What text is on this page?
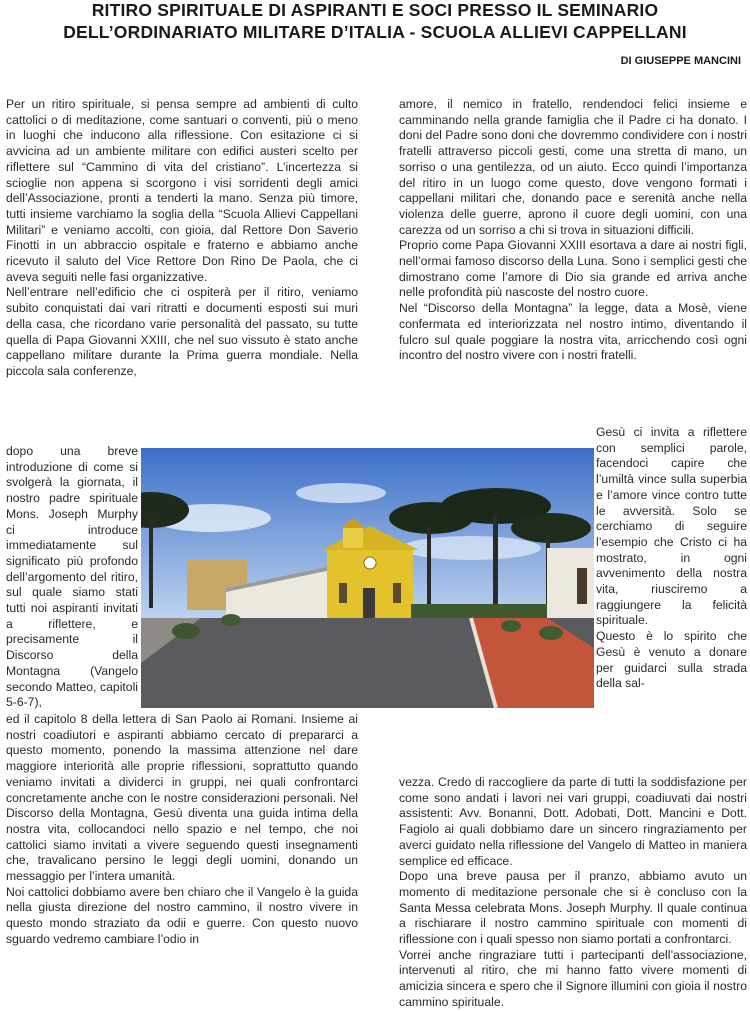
RITIRO SPIRITUALE DI ASPIRANTI E SOCI PRESSO IL SEMINARIO
DELL’ORDINARIATO MILITARE D’ITALIA - SCUOLA ALLIEVI CAPPELLANI
DI GIUSEPPE MANCINI

Per un ritiro spirituale, si pensa sempre ad ambienti di culto cattolici o di meditazione, come santuari o conventi, più o meno in luoghi che inducono alla riflessione. Con esitazione ci si avvicina ad un ambiente militare con edifici austeri scelto per riflettere sul “Cammino di vita del cristiano”. L’incertezza si scioglie non appena si scorgono i visi sorridenti degli amici dell’Associazione, pronti a tenderti la mano. Senza più timore, tutti insieme varchiamo la soglia della “Scuola Allievi Cappellani Militari” e veniamo accolti, con gioia, dal Rettore Don Saverio Finotti in un abbraccio ospitale e fraterno e abbiamo anche ricevuto il saluto del Vice Rettore Don Rino De Paola, che ci aveva seguiti nelle fasi organizzative.

Nell’entrare nell’edificio che ci ospiterà per il ritiro, veniamo subito conquistati dai vari ritratti e documenti esposti sui muri della casa, che ricordano varie personalità del passato, su tutte quella di Papa Giovanni XXIII, che nel suo vissuto è stato anche cappellano militare durante la Prima guerra mondiale. Nella piccola sala conferenze,

dopo una breve introduzione di come si svolgerà la giornata, il nostro padre spirituale Mons. Joseph Murphy ci introduce immediatamente sul significato più profondo dell’argomento del ritiro, sul quale siamo stati tutti noi aspiranti invitati a riflettere, e precisamente il Discorso della Montagna (Vangelo secondo Matteo, capitoli 5-6-7),

ed il capitolo 8 della lettera di San Paolo ai Romani. Insieme ai nostri coadiutori e aspiranti abbiamo cercato di prepararci a questo momento, ponendo la massima attenzione nel dare maggiore interiorità alle proprie riflessioni, soprattutto quando veniamo invitati a dividerci in gruppi, nei quali confrontarci concretamente anche con le nostre considerazioni personali. Nel Discorso della Montagna, Gesù diventa una guida intima della nostra vita, collocandoci nello spazio e nel tempo, che noi cattolici siamo invitati a vivere seguendo questi insegnamenti che, travalicano persino le leggi degli uomini, donando un messaggio per l’intera umanità.

Noi cattolici dobbiamo avere ben chiaro che il Vangelo è la guida nella giusta direzione del nostro cammino, il nostro vivere in questo mondo straziato da odii e guerre. Con questo nuovo sguardo vedremo cambiare l’odio in

amore, il nemico in fratello, rendendoci felici insieme e camminando nella grande famiglia che il Padre ci ha donato. I doni del Padre sono doni che dovremmo condividere con i nostri fratelli attraverso piccoli gesti, come una stretta di mano, un sorriso o una gentilezza, od un aiuto. Ecco quindi l’importanza del ritiro in un luogo come questo, dove vengono formati i cappellani militari che, donando pace e serenità anche nella violenza delle guerre, aprono il cuore degli uomini, con una carezza od un sorriso a chi si trova in situazioni difficili.

Proprio come Papa Giovanni XXIII esortava a dare ai nostri figli, nell’ormai famoso discorso della Luna. Sono i semplici gesti che dimostrano come l’amore di Dio sia grande ed arriva anche nelle profondità più nascoste del nostro cuore.

Nel “Discorso della Montagna” la legge, data a Mosè, viene confermata ed interiorizzata nel nostro intimo, diventando il fulcro sul quale poggiare la nostra vita, arricchendo così ogni incontro del nostro vivere con i nostri fratelli.

Gesù ci invita a riflettere con semplici parole, facendoci capire che l’umiltà vince sulla superbia e l’amore vince contro tutte le avversità. Solo se cerchiamo di seguire l’esempio che Cristo ci ha mostrato, in ogni avvenimento della nostra vita, riusciremo a raggiungere la felicità spirituale.

Questo è lo spirito che Gesù è venuto a donare per guidarci sulla strada della sal-

vezza. Credo di raccogliere da parte di tutti la soddisfazione per come sono andati i lavori nei vari gruppi, coadiuvati dai nostri assistenti: Avv. Bonanni, Dott. Adobati, Dott. Mancini e Dott. Fagiolo ai quali dobbiamo dare un sincero ringraziamento per averci guidato nella riflessione del Vangelo di Matteo in maniera semplice ed efficace.

Dopo una breve pausa per il pranzo, abbiamo avuto un momento di meditazione personale che si è concluso con la Santa Messa celebrata Mons. Joseph Murphy. Il quale continua a rischiarare il nostro cammino spirituale con momenti di riflessione con i quali spesso non siamo portati a confrontarci.

Vorrei anche ringraziare tutti i partecipanti dell’associazione, intervenuti al ritiro, che mi hanno fatto vivere momenti di amicizia sincera e spero che il Signore illumini con gioia il nostro cammino spirituale.
